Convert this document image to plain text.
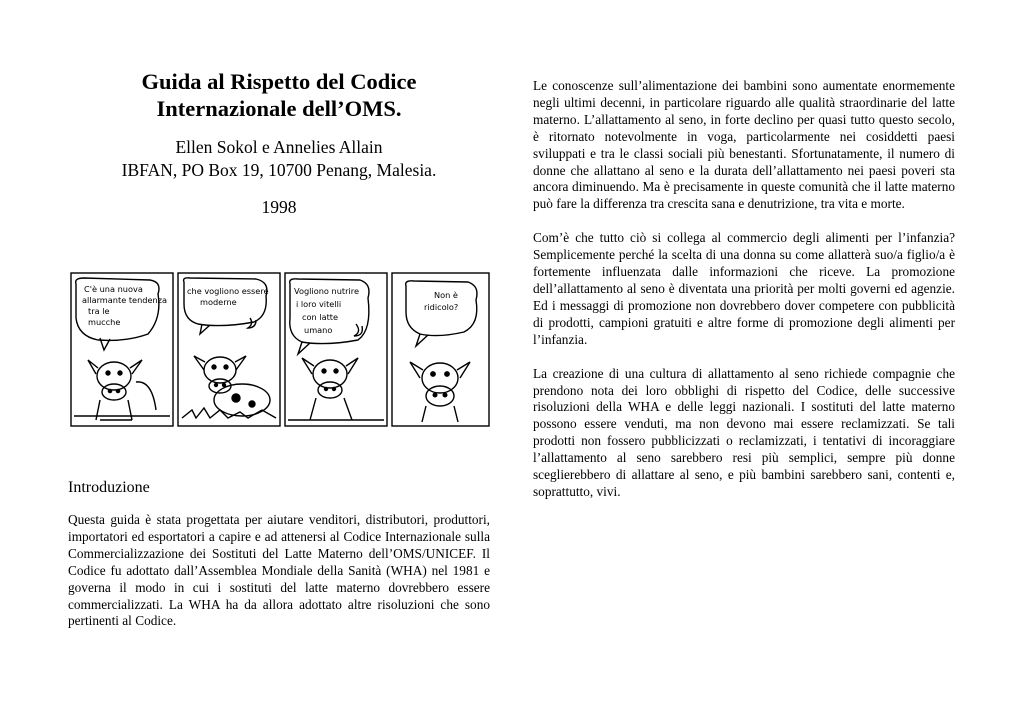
Guida al Rispetto del Codice
Internazionale dell’OMS.
Ellen Sokol e Annelies Allain
IBFAN, PO Box 19, 10700 Penang, Malesia.
1998
C'è una nuova
allarmante tendenza
tra le
mucche
che vogliono essere
moderne
Vogliono nutrire
i loro vitelli
con latte
umano
Non è
ridicolo?
Introduzione

Questa guida è stata progettata per aiutare venditori, distributori, produttori, importatori ed esportatori a capire e ad attenersi al Codice Internazionale sulla Commercializzazione dei Sostituti del Latte Materno dell’OMS/UNICEF. Il Codice fu adottato dall’Assemblea Mondiale della Sanità (WHA) nel 1981 e governa il modo in cui i sostituti del latte materno dovrebbero essere commercializzati. La WHA ha da allora adottato altre risoluzioni che sono pertinenti al Codice.

Le conoscenze sull’alimentazione dei bambini sono aumentate enormemente negli ultimi decenni, in particolare riguardo alle qualità straordinarie del latte materno. L’allattamento al seno, in forte declino per quasi tutto questo secolo, è ritornato notevolmente in voga, particolarmente nei cosiddetti paesi sviluppati e tra le classi sociali più benestanti. Sfortunatamente, il numero di donne che allattano al seno e la durata dell’allattamento nei paesi poveri sta ancora diminuendo. Ma è precisamente in queste comunità che il latte materno può fare la differenza tra crescita sana e denutrizione, tra vita e morte.

Com’è che tutto ciò si collega al commercio degli alimenti per l’infanzia? Semplicemente perché la scelta di una donna su come allatterà suo/a figlio/a è fortemente influenzata dalle informazioni che riceve. La promozione dell’allattamento al seno è diventata una priorità per molti governi ed agenzie. Ed i messaggi di promozione non dovrebbero dover competere con pubblicità di prodotti, campioni gratuiti e altre forme di promozione degli alimenti per l’infanzia.

La creazione di una cultura di allattamento al seno richiede compagnie che prendono nota dei loro obblighi di rispetto del Codice, delle successive risoluzioni della WHA e delle leggi nazionali. I sostituti del latte materno possono essere venduti, ma non devono mai essere reclamizzati. Se tali prodotti non fossero pubblicizzati o reclamizzati, i tentativi di incoraggiare l’allattamento al seno sarebbero resi più semplici, sempre più donne sceglierebbero di allattare al seno, e più bambini sarebbero sani, contenti e, soprattutto, vivi.
